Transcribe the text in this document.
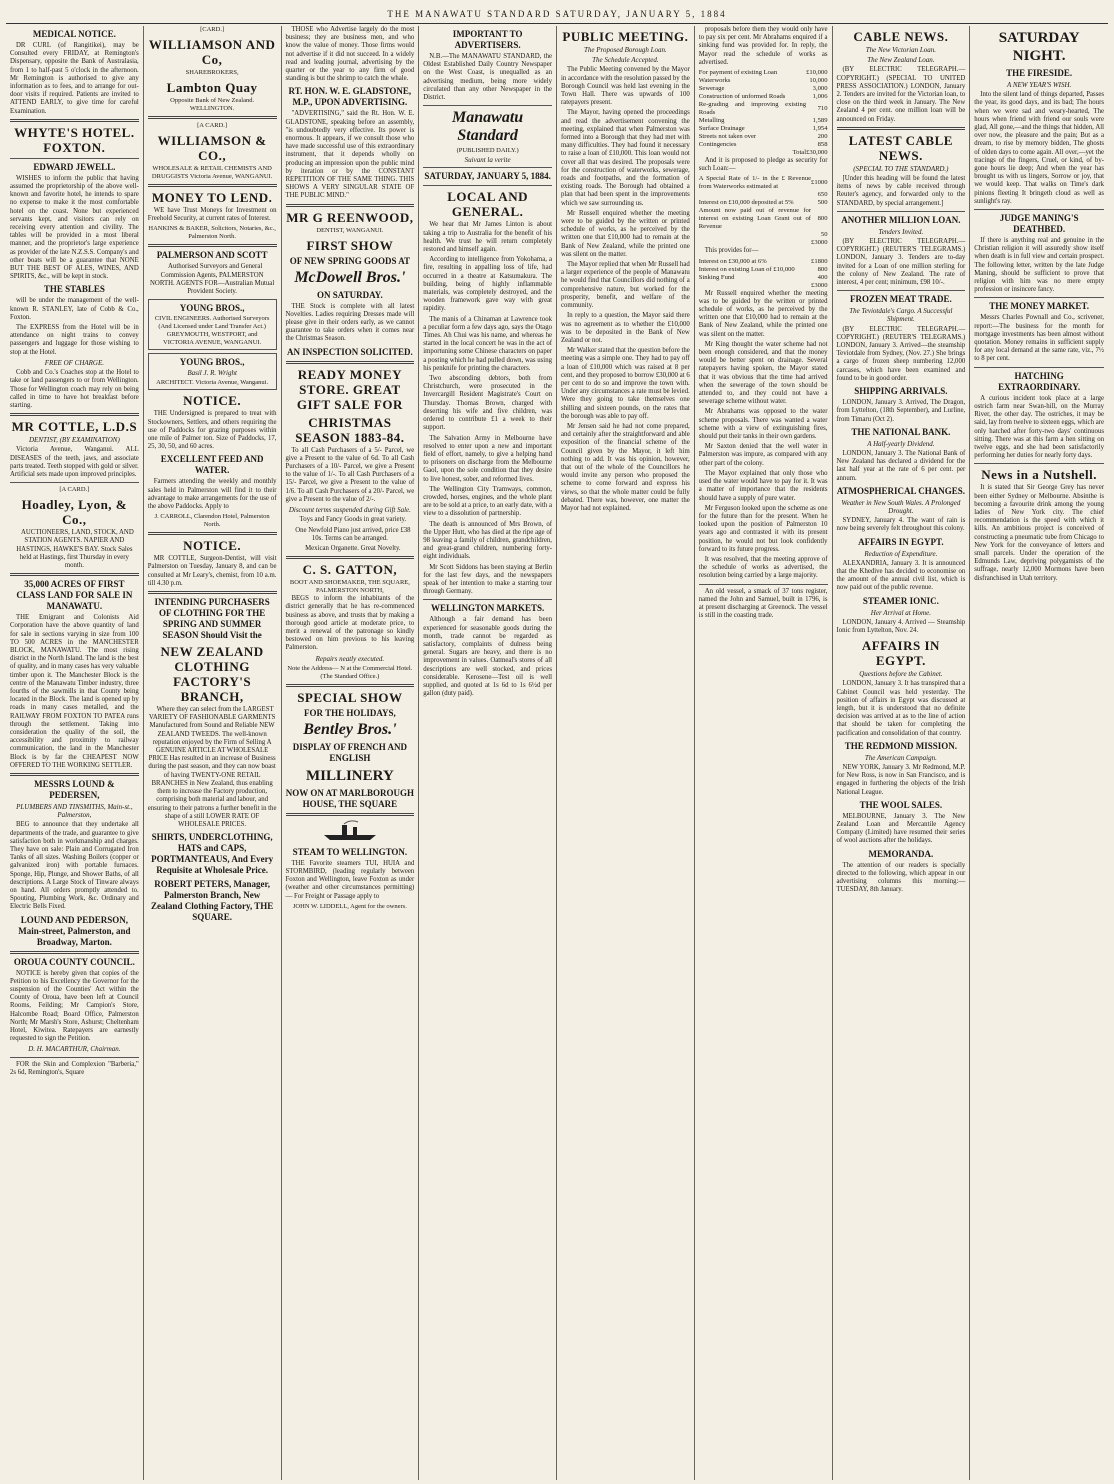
THE MANAWATU STANDARD SATURDAY, JANUARY 5, 1884
MEDICAL NOTICE.

DR CURL (of Rangitikei), may be Consulted every FRIDAY, at Remington's Dispensary, opposite the Bank of Australasia, from 1 to half-past 5 o'clock in the afternoon. Mr Remington is authorised to give any information as to fees, and to arrange for out-door visits if required. Patients are invited to ATTEND EARLY, to give time for careful Examination.

WHYTE'S HOTEL. FOXTON.
EDWARD JEWELL.

WISHES to inform the public that having assumed the proprietorship of the above well-known and favorite hotel, he intends to spare no expense to make it the most comfortable hotel on the coast. None but experienced servants kept, and visitors can rely on receiving every attention and civility. The tables will be provided in a most liberal manner, and the proprietor's large experience as provider of the late N.Z.S.S. Company's and other boats will be a guarantee that NONE BUT THE BEST OF ALES, WINES, AND SPIRITS, &c., will be kept in stock.

THE STABLES

will be under the management of the well-known R. STANLEY, late of Cobb & Co., Foxton.

The EXPRESS from the Hotel will be in attendance on night trains to convey passengers and luggage for those wishing to stop at the Hotel.

FREE OF CHARGE.

Cobb and Co.'s Coaches stop at the Hotel to take or land passengers to or from Wellington. Those for Wellington coach may rely on being called in time to have hot breakfast before starting.

MR COTTLE, L.D.S
DENTIST, (BY EXAMINATION)

Victoria Avenue, Wanganui. ALL DISEASES of the teeth, jaws, and associate parts treated. Teeth stopped with gold or silver. Artificial sets made upon improved principles.

[A CARD.]
Hoadley, Lyon, & Co.,

AUCTIONEERS, LAND, STOCK, AND STATION AGENTS. NAPIER AND HASTINGS, HAWKE'S BAY. Stock Sales held at Hastings, first Thursday in every month.

35,000 ACRES OF FIRST CLASS LAND FOR SALE IN MANAWATU.

THE Emigrant and Colonists Aid Corporation have the above quantity of land for sale in sections varying in size from 100 TO 500 ACRES in the MANCHESTER BLOCK, MANAWATU. The most rising district in the North Island. The land is the best of quality, and in many cases has very valuable timber upon it. The Manchester Block is the centre of the Manawatu Timber industry, three fourths of the sawmills in that County being located in the Block. The land is opened up by roads in many cases metalled, and the RAILWAY FROM FOXTON TO PATEA runs through the settlement. Taking into consideration the quality of the soil, the accessibility and proximity to railway communication, the land in the Manchester Block is by far the CHEAPEST NOW OFFERED TO THE WORKING SETTLER.

MESSRS LOUND & PEDERSEN,
PLUMBERS AND TINSMITHS, Main-st., Palmerston,

BEG to announce that they undertake all departments of the trade, and guarantee to give satisfaction both in workmanship and charges. They have on sale: Plain and Corrugated Iron Tanks of all sizes. Washing Boilers (copper or galvanized iron) with portable furnaces. Sponge, Hip, Plunge, and Shower Baths, of all descriptions. A Large Stock of Tinware always on hand. All orders promptly attended to. Spouting, Plumbing Work, &c. Ordinary and Electric Bells Fixed.

LOUND AND PEDERSON, Main-street, Palmerston, and Broadway, Marton.
OROUA COUNTY COUNCIL.

NOTICE is hereby given that copies of the Petition to his Excellency the Governor for the suspension of the Counties' Act within the County of Oroua, have been left at Council Rooms, Feilding; Mr Campion's Store, Halcombe Road; Board Office, Palmerston North; Mr Marsh's Store, Ashurst; Cheltenham Hotel, Kiwitea. Ratepayers are earnestly requested to sign the Petition.

D. H. MACARTHUR, Chairman.

FOR the Skin and Complexion "Barberia," 2s 6d, Remington's, Square

[CARD.]
WILLIAMSON AND Co,
SHAREBROKERS,
Lambton Quay
Opposite Bank of New Zealand. WELLINGTON.
[A CARD.]
WILLIAMSON & CO.,
WHOLESALE & RETAIL CHEMISTS AND DRUGGISTS Victoria Avenue, WANGANUI.
MONEY TO LEND.

WE have Trust Moneys for Investment on Freehold Security, at current rates of Interest.

HANKINS & BAKER, Solicitors, Notaries, &c., Palmerston North.
PALMERSON AND SCOTT

Authorised Surveyors and General Commission Agents, PALMERSTON NORTH. AGENTS FOR—Australian Mutual Provident Society.

YOUNG BROS.,
CIVIL ENGINEERS. Authorised Surveyors (And Licensed under Land Transfer Act.) GREYMOUTH, WESTPORT, and VICTORIA AVENUE, WANGANUI.
YOUNG BROS.,
Basil J. R. Wright
ARCHITECT. Victoria Avenue, Wanganui.
NOTICE.

THE Undersigned is prepared to treat with Stockowners, Settlers, and others requiring the use of Paddocks for grazing purposes within one mile of Palmer ton. Size of Paddocks, 17, 25, 30, 50, and 60 acres.

EXCELLENT FEED AND WATER.

Farmers attending the weekly and monthly sales held in Palmerston will find it to their advantage to make arrangements for the use of the above Paddocks. Apply to

J. CARROLL, Clarendon Hotel, Palmerston North.
NOTICE.

MR COTTLE, Surgeon-Dentist, will visit Palmerston on Tuesday, January 8, and can be consulted at Mr Leary's, chemist, from 10 a.m. till 4.30 p.m.

INTENDING PURCHASERS OF CLOTHING FOR THE SPRING AND SUMMER SEASON Should Visit the
NEW ZEALAND CLOTHING FACTORY'S BRANCH,

Where they can select from the LARGEST VARIETY OF FASHIONABLE GARMENTS Manufactured from Sound and Reliable NEW ZEALAND TWEEDS. The well-known reputation enjoyed by the Firm of Selling A GENUINE ARTICLE AT WHOLESALE PRICE Has resulted in an increase of Business during the past season, and they can now boast of having TWENTY-ONE RETAIL BRANCHES in New Zealand, thus enabling them to increase the Factory production, comprising both material and labour, and ensuring to their patrons a further benefit in the shape of a still LOWER RATE OF WHOLESALE PRICES.

SHIRTS, UNDERCLOTHING, HATS and CAPS, PORTMANTEAUS, And Every Requisite at Wholesale Price.
ROBERT PETERS, Manager, Palmerston Branch, New Zealand Clothing Factory, THE SQUARE.

THOSE who Advertise largely do the most business; they are business men, and who know the value of money. Those firms would not advertise if it did not succeed. In a widely read and leading journal, advertising by the quarter or the year to any firm of good standing is but the shrimp to catch the whale.

RT. HON. W. E. GLADSTONE, M.P., UPON ADVERTISING.

"ADVERTISING," said the Rt. Hon. W. E. GLADSTONE, speaking before an assembly, "is undoubtedly very effective. Its power is enormous. It appears, if we consult those who have made successful use of this extraordinary instrument, that it depends wholly on producing an impression upon the public mind by iteration or by the CONSTANT REPETITION OF THE SAME THING. THIS SHOWS A VERY SINGULAR STATE OF THE PUBLIC MIND."

MR G REENWOOD,
DENTIST, WANGANUI.
FIRST SHOW
OF NEW SPRING GOODS AT
McDowell Bros.'
ON SATURDAY.

THE Stock is complete with all latest Novelties. Ladies requiring Dresses made will please give in their orders early, as we cannot guarantee to take orders when it comes near the Christmas Season.

AN INSPECTION SOLICITED.
READY MONEY STORE. GREAT GIFT SALE FOR
CHRISTMAS SEASON 1883-84.

To all Cash Purchasers of a 5/- Parcel, we give a Present to the value of 6d. To all Cash Purchasers of a 10/- Parcel, we give a Present to the value of 1/-. To all Cash Purchasers of a 15/- Parcel, we give a Present to the value of 1/6. To all Cash Purchasers of a 20/- Parcel, we give a Present to the value of 2/-.

Discount terms suspended during Gift Sale.

Toys and Fancy Goods in great variety.

One Newfold Piano just arrived, price £38 10s. Terms can be arranged.

Mexican Organette. Great Novelty.

C. S. GATTON,
BOOT AND SHOEMAKER, THE SQUARE, PALMERSTON NORTH,

BEGS to inform the inhabitants of the district generally that he has re-commenced business as above, and trusts that by making a thorough good article at moderate price, to merit a renewal of the patronage so kindly bestowed on him previous to his leaving Palmerston.

Repairs neatly executed.
Note the Address— N at the Commercial Hotel. (The Standard Office.)
SPECIAL SHOW
FOR THE HOLIDAYS,
Bentley Bros.'
DISPLAY OF FRENCH AND ENGLISH
MILLINERY
NOW ON AT MARLBOROUGH HOUSE, THE SQUARE
STEAM TO WELLINGTON.

THE Favorite steamers TUI, HUIA and STORMBIRD, (leading regularly between Foxton and Wellington, leave Foxton as under (weather and other circumstances permitting)— For Freight or Passage apply to

JOHN W. LIDDELL, Agent for the owners.
IMPORTANT TO ADVERTISERS.

N.B.—The MANAWATU STANDARD, the Oldest Established Daily Country Newspaper on the West Coast, is unequalled as an advertising medium, being more widely circulated than any other Newspaper in the District.

Manawatu Standard
(PUBLISHED DAILY.)
Suivant la verite
SATURDAY, JANUARY 5, 1884.
LOCAL AND GENERAL.

We hear that Mr James Linton is about taking a trip to Australia for the benefit of his health. We trust he will return completely restored and himself again.

According to intelligence from Yokohama, a fire, resulting in appalling loss of life, had occurred in a theatre at Katsumakura. The building, being of highly inflammable materials, was completely destroyed, and the wooden framework gave way with great rapidity.

The manis of a Chinaman at Lawrence took a peculiar form a few days ago, says the Otago Times. Ah Chui was his name, and whereas he started in the local concert he was in the act of importuning some Chinese characters on paper a posting which he had pulled down, was using his penknife for printing the characters.

Two absconding debtors, both from Christchurch, were prosecuted in the Invercargill Resident Magistrate's Court on Thursday. Thomas Brown, charged with deserting his wife and five children, was ordered to contribute £1 a week to their support.

The Salvation Army in Melbourne have resolved to enter upon a new and important field of effort, namely, to give a helping hand to prisoners on discharge from the Melbourne Gaol, upon the sole condition that they desire to live honest, sober, and reformed lives.

The Wellington City Tramways, common, crowded, horses, engines, and the whole plant are to be sold at a price, to an early date, with a view to a dissolution of partnership.

The death is announced of Mrs Brown, of the Upper Hutt, who has died at the ripe age of 98 leaving a family of children, grandchildren, and great-grand children, numbering forty-eight individuals.

Mr Scott Siddons has been staying at Berlin for the last few days, and the newspapers speak of her intention to make a starring tour through Germany.

WELLINGTON MARKETS.

Although a fair demand has been experienced for seasonable goods during the month, trade cannot be regarded as satisfactory, complaints of dulness being general. Sugars are heavy, and there is no improvement in values. Oatmeal's stores of all descriptions are well stocked, and prices considerable. Kerosene—Test oil is well supplied, and quoted at 1s 6d to 1s 6½d per gallon (duty paid).

PUBLIC MEETING.
The Proposed Borough Loan.
The Schedule Accepted.

The Public Meeting convened by the Mayor in accordance with the resolution passed by the Borough Council was held last evening in the Town Hall. There was upwards of 100 ratepayers present.

The Mayor, having opened the proceedings and read the advertisement convening the meeting, explained that when Palmerston was formed into a Borough that they had met with many difficulties. They had found it necessary to raise a loan of £10,000. This loan would not cover all that was desired. The proposals were for the construction of waterworks, sewerage, roads and footpaths, and the formation of existing roads. The Borough had obtained a plan that had been spent in the improvements which we saw surrounding us.

Mr Russell enquired whether the meeting were to be guided by the written or printed schedule of works, as he perceived by the written one that £10,000 had to remain at the Bank of New Zealand, while the printed one was silent on the matter.

The Mayor replied that when Mr Russell had a larger experience of the people of Manawatu he would find that Councillors did nothing of a comprehensive nature, but worked for the prosperity, benefit, and welfare of the community.

In reply to a question, the Mayor said there was no agreement as to whether the £10,000 was to be deposited in the Bank of New Zealand or not.

Mr Walker stated that the question before the meeting was a simple one. They had to pay off a loan of £10,000 which was raised at 8 per cent, and they proposed to borrow £30,000 at 6 per cent to do so and improve the town with. Under any circumstances a rate must be levied. Were they going to take themselves one shilling and sixteen pounds, on the rates that the borough was able to pay off.

Mr Jensen said he had not come prepared, and certainly after the straightforward and able exposition of the financial scheme of the Council given by the Mayor, it left him nothing to add. It was his opinion, however, that out of the whole of the Councillors he would invite any person who proposed the scheme to come forward and express his views, so that the whole matter could be fully debated. There was, however, one matter the Mayor had not explained.

proposals before them they would only have to pay six per cent. Mr Abrahams enquired if a sinking fund was provided for. In reply, the Mayor read the schedule of works as advertised.

For payment of existing Loan	£10,000
Waterworks	10,000
Sewerage	3,000
Construction of unformed Roads	1,006
Re-grading and improving existing Roads	710
Metalling	1,589
Surface Drainage	1,954
Streets not taken over	200
Contingencies	858
Total	£30,000

And it is proposed to pledge as security for such Loan:—

A Special Rate of 1/- in the £ Revenue from Waterworks estimated at	£1000
	650
Interest on £10,000 deposited at 5%	500
Amount now paid out of revenue for interest on existing Loan Grant out of Revenue	800
	50
	£3000

This provides for—

Interest on £30,000 at 6%	£1800
Interest on existing Loan of £10,000	800
Sinking Fund	400
	£3000

Mr Russell enquired whether the meeting was to be guided by the written or printed schedule of works, as he perceived by the written one that £10,000 had to remain at the Bank of New Zealand, while the printed one was silent on the matter.

Mr King thought the water scheme had not been enough considered, and that the money would be better spent on drainage. Several ratepayers having spoken, the Mayor stated that it was obvious that the time had arrived when the sewerage of the town should be attended to, and they could not have a sewerage scheme without water.

Mr Abrahams was opposed to the water scheme proposals. There was wanted a water scheme with a view of extinguishing fires, should put their tanks in their own gardens.

Mr Saxton denied that the well water in Palmerston was impure, as compared with any other part of the colony.

The Mayor explained that only those who used the water would have to pay for it. It was a matter of importance that the residents should have a supply of pure water.

Mr Ferguson looked upon the scheme as one for the future than for the present. When he looked upon the position of Palmerston 10 years ago and contrasted it with its present position, he would not but look confidently forward to its future progress.

It was resolved, that the meeting approve of the schedule of works as advertised, the resolution being carried by a large majority.

An old vessel, a smack of 37 tons register, named the John and Samuel, built in 1796, is at present discharging at Greenock. The vessel is still in the coasting trade.

CABLE NEWS.
The New Victorian Loan.
The New Zealand Loan.

(BY ELECTRIC TELEGRAPH.—COPYRIGHT.) (SPECIAL TO UNITED PRESS ASSOCIATION.) LONDON, January 2. Tenders are invited for the Victorian loan, to close on the third week in January. The New Zealand 4 per cent. one million loan will be announced on Friday.

LATEST CABLE NEWS.
(SPECIAL TO THE STANDARD.)

[Under this heading will be found the latest items of news by cable received through Reuter's agency, and forwarded only to the STANDARD, by special arrangement.]

ANOTHER MILLION LOAN.
Tenders Invited.

(BY ELECTRIC TELEGRAPH.—COPYRIGHT.) (REUTER'S TELEGRAMS.) LONDON, January 3. Tenders are to-day invited for a Loan of one million sterling for the colony of New Zealand. The rate of interest, 4 per cent; minimum, £98 10/-.

FROZEN MEAT TRADE.
The Teviotdale's Cargo. A Successful Shipment.

(BY ELECTRIC TELEGRAPH.—COPYRIGHT.) (REUTER'S TELEGRAMS.) LONDON, January 3. Arrived—the steamship Teviotdale from Sydney, (Nov. 27.) She brings a cargo of frozen sheep numbering 12,000 carcases, which have been examined and found to be in good order.

SHIPPING ARRIVALS.

LONDON, January 3. Arrived, The Dragon, from Lyttelton, (18th September), and Lurline, from Timaru (Oct 2).

THE NATIONAL BANK.
A Half-yearly Dividend.

LONDON, January 3. The National Bank of New Zealand has declared a dividend for the last half year at the rate of 6 per cent. per annum.

ATMOSPHERICAL CHANGES.
Weather in New South Wales. A Prolonged Drought.

SYDNEY, January 4. The want of rain is now being severely felt throughout this colony.

AFFAIRS IN EGYPT.
Reduction of Expenditure.

ALEXANDRIA, January 3. It is announced that the Khedive has decided to economise on the amount of the annual civil list, which is now paid out of the public revenue.

STEAMER IONIC.
Her Arrival at Home.

LONDON, January 4. Arrived — Steamship Ionic from Lyttelton, Nov. 24.

AFFAIRS IN EGYPT.
Questions before the Cabinet.

LONDON, January 3. It has transpired that a Cabinet Council was held yesterday. The position of affairs in Egypt was discussed at length, but it is understood that no definite decision was arrived at as to the line of action that should be taken for completing the pacification and consolidation of that country.

THE REDMOND MISSION.
The American Campaign.

NEW YORK, January 3. Mr Redmond, M.P. for New Ross, is now in San Francisco, and is engaged in furthering the objects of the Irish National League.

THE WOOL SALES.

MELBOURNE, January 3. The New Zealand Loan and Mercantile Agency Company (Limited) have resumed their series of wool auctions after the holidays.

MEMORANDA.

The attention of our readers is specially directed to the following, which appear in our advertising columns this morning:— TUESDAY, 8th January.

SATURDAY NIGHT.
THE FIRESIDE.
A NEW YEAR'S WISH.

Into the silent land of things departed, Passes the year, its good days, and its bad; The hours when we were sad and weary-hearted, The hours when friend with friend our souls were glad, All gone,—and the things that hidden, All over now, the pleasure and the pain; But as a dream, to rise by memory bidden, The ghosts of olden days to come again. All over,—yet the tracings of the fingers, Cruel, or kind, of by-gone hours lie deep; And when the year has brought us with us lingers, Sorrow or joy, that we would keep. That walks on Time's dark pinions fleeting It bringeth cloud as well as sunlight's ray.

JUDGE MANING'S DEATHBED.

If there is anything real and genuine in the Christian religion it will assuredly show itself when death is in full view and certain prospect. The following letter, written by the late Judge Maning, should be sufficient to prove that religion with him was no mere empty profession or insincere fancy.

THE MONEY MARKET.

Messrs Charles Pownall and Co., scrivener, report:—The business for the month for mortgage investments has been almost without quotation. Money remains in sufficient supply for any local demand at the same rate, viz., 7½ to 8 per cent.

HATCHING EXTRAORDINARY.

A curious incident took place at a large ostrich farm near Swan-hill, on the Murray River, the other day. The ostriches, it may be said, lay from twelve to sixteen eggs, which are only hatched after forty-two days' continuous sitting. There was at this farm a hen sitting on twelve eggs, and she had been satisfactorily performing her duties for nearly forty days.

News in a Nutshell.

It is stated that Sir George Grey has never been either Sydney or Melbourne. Absinthe is becoming a favourite drink among the young ladies of New York city. The chief recommendation is the speed with which it kills. An ambitious project is conceived of constructing a pneumatic tube from Chicago to New York for the conveyance of letters and small parcels. Under the operation of the Edmunds Law, depriving polygamists of the suffrage, nearly 12,000 Mormons have been disfranchised in Utah territory.
